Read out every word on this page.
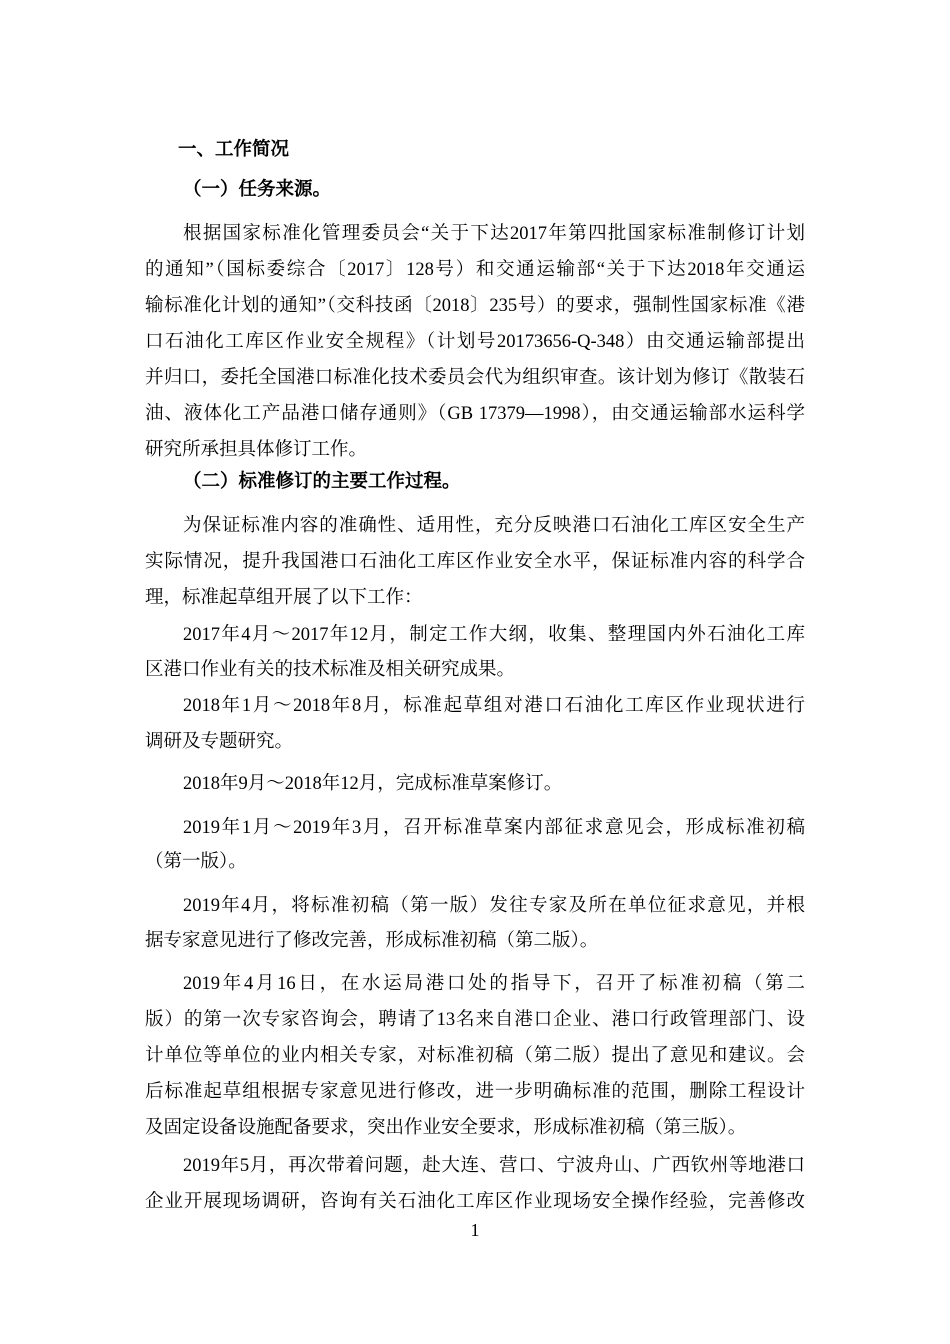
一、工作简况
（一）任务来源。
根据国家标准化管理委员会“关于下达2017年第四批国家标准制修订计划
的通知”（国标委综合〔2017〕128号）和交通运输部“关于下达2018年交通运
输标准化计划的通知”（交科技函〔2018〕235号）的要求，强制性国家标准《港
口石油化工库区作业安全规程》（计划号20173656-Q-348）由交通运输部提出
并归口，委托全国港口标准化技术委员会代为组织审查。该计划为修订《散装石
油、液体化工产品港口储存通则》（GB 17379—1998），由交通运输部水运科学
研究所承担具体修订工作。
（二）标准修订的主要工作过程。
为保证标准内容的准确性、适用性，充分反映港口石油化工库区安全生产
实际情况，提升我国港口石油化工库区作业安全水平，保证标准内容的科学合
理，标准起草组开展了以下工作：
2017年4月～2017年12月，制定工作大纲，收集、整理国内外石油化工库
区港口作业有关的技术标准及相关研究成果。
2018年1月～2018年8月，标准起草组对港口石油化工库区作业现状进行
调研及专题研究。
2018年9月～2018年12月，完成标准草案修订。
2019年1月～2019年3月，召开标准草案内部征求意见会，形成标准初稿
（第一版）。
2019年4月，将标准初稿（第一版）发往专家及所在单位征求意见，并根
据专家意见进行了修改完善，形成标准初稿（第二版）。
2019年4月16日，在水运局港口处的指导下，召开了标准初稿（第二
版）的第一次专家咨询会，聘请了13名来自港口企业、港口行政管理部门、设
计单位等单位的业内相关专家，对标准初稿（第二版）提出了意见和建议。会
后标准起草组根据专家意见进行修改，进一步明确标准的范围，删除工程设计
及固定设备设施配备要求，突出作业安全要求，形成标准初稿（第三版）。
2019年5月，再次带着问题，赴大连、营口、宁波舟山、广西钦州等地港口
企业开展现场调研，咨询有关石油化工库区作业现场安全操作经验，完善修改
1
